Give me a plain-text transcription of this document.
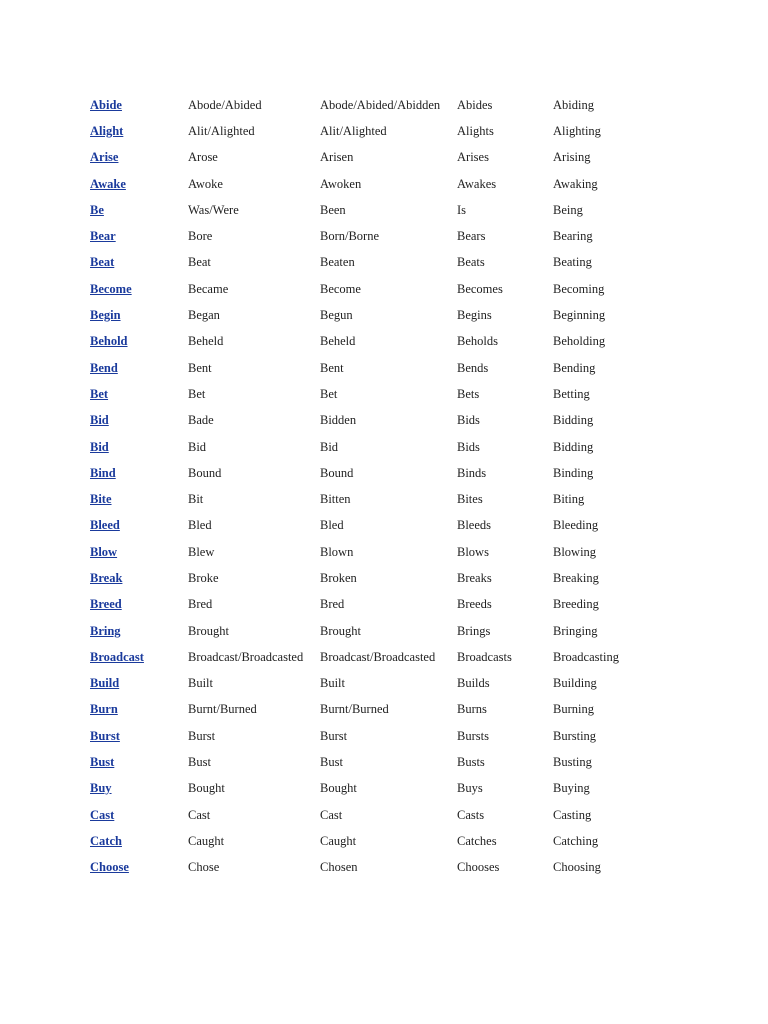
Abide	Abode/Abided	Abode/Abided/Abidden	Abides	Abiding
Alight	Alit/Alighted	Alit/Alighted	Alights	Alighting
Arise	Arose	Arisen	Arises	Arising
Awake	Awoke	Awoken	Awakes	Awaking
Be	Was/Were	Been	Is	Being
Bear	Bore	Born/Borne	Bears	Bearing
Beat	Beat	Beaten	Beats	Beating
Become	Became	Become	Becomes	Becoming
Begin	Began	Begun	Begins	Beginning
Behold	Beheld	Beheld	Beholds	Beholding
Bend	Bent	Bent	Bends	Bending
Bet	Bet	Bet	Bets	Betting
Bid	Bade	Bidden	Bids	Bidding
Bid	Bid	Bid	Bids	Bidding
Bind	Bound	Bound	Binds	Binding
Bite	Bit	Bitten	Bites	Biting
Bleed	Bled	Bled	Bleeds	Bleeding
Blow	Blew	Blown	Blows	Blowing
Break	Broke	Broken	Breaks	Breaking
Breed	Bred	Bred	Breeds	Breeding
Bring	Brought	Brought	Brings	Bringing
Broadcast	Broadcast/Broadcasted	Broadcast/Broadcasted	Broadcasts	Broadcasting
Build	Built	Built	Builds	Building
Burn	Burnt/Burned	Burnt/Burned	Burns	Burning
Burst	Burst	Burst	Bursts	Bursting
Bust	Bust	Bust	Busts	Busting
Buy	Bought	Bought	Buys	Buying
Cast	Cast	Cast	Casts	Casting
Catch	Caught	Caught	Catches	Catching
Choose	Chose	Chosen	Chooses	Choosing
